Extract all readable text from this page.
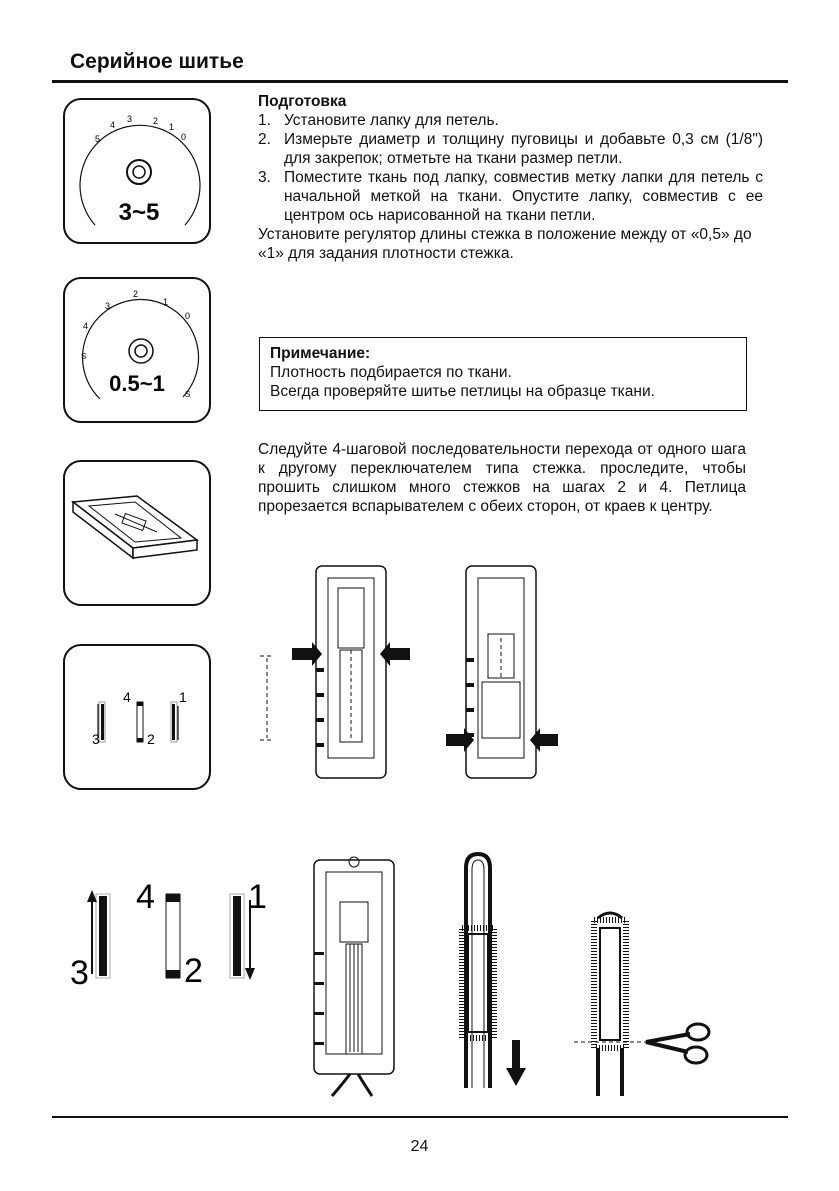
Серийное шитье
Подготовка
1. Установите лапку для петель.
2. Измерьте диаметр и толщину пуговицы и добавьте 0,3 см (1/8") для закрепок; отметьте на ткани размер петли.
3. Поместите ткань под лапку, совместив метку лапки для петель с начальной меткой на ткани. Опустите лапку, совместив с ее центром ось нарисованной на ткани петли.
Установите регулятор длины стежка в положение между от «0,5» до «1» для задания плотности стежка.
Примечание:
Плотность подбирается по ткани.
Всегда проверяйте шитье петлицы на образце ткани.
Следуйте 4-шаговой последовательности перехода от одного шага к другому переключателем типа стежка. проследите, чтобы прошить слишком много стежков на шагах 2 и 4. Петлица прорезается вспарывателем с обеих сторон, от краев к центру.
5
4
3 2
1
0
3~5
3
2
1
0
4
S
S
0.5~1
3
4
2
1
3
4
2
1
24
